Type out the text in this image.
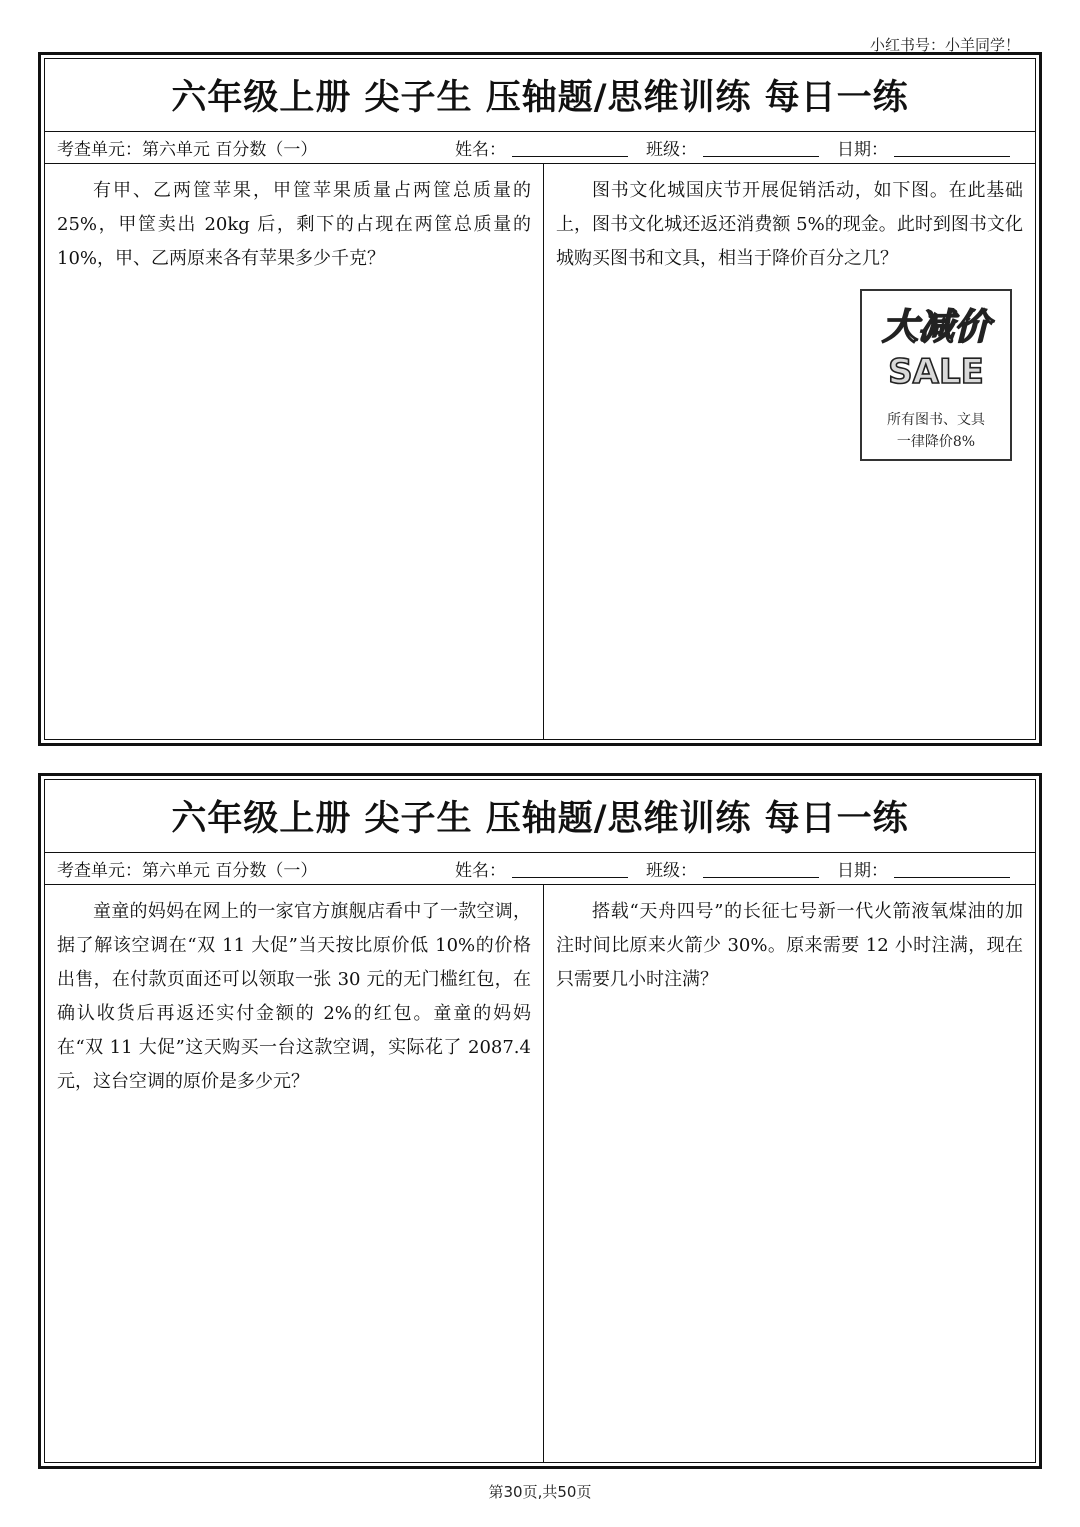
小红书号：小羊同学！
六年级上册 尖子生 压轴题/思维训练 每日一练
考查单元：第六单元 百分数（一）	姓名：	班级：	日期：

有甲、乙两筐苹果，甲筐苹果质量占两筐总质量的 25%，甲筐卖出 20kg 后，剩下的占现在两筐总质量的 10%，甲、乙两原来各有苹果多少千克？

图书文化城国庆节开展促销活动，如下图。在此基础上，图书文化城还返还消费额 5%的现金。此时到图书文化城购买图书和文具，相当于降价百分之几？

大减价
SALE
所有图书、文具
一律降价8%
六年级上册 尖子生 压轴题/思维训练 每日一练
考查单元：第六单元 百分数（一）	姓名：	班级：	日期：

童童的妈妈在网上的一家官方旗舰店看中了一款空调，据了解该空调在“双 11 大促”当天按比原价低 10%的价格出售，在付款页面还可以领取一张 30 元的无门槛红包，在确认收货后再返还实付金额的 2%的红包。童童的妈妈在“双 11 大促”这天购买一台这款空调，实际花了 2087.4 元，这台空调的原价是多少元？

搭载“天舟四号”的长征七号新一代火箭液氧煤油的加注时间比原来火箭少 30%。原来需要 12 小时注满，现在只需要几小时注满？

第30页,共50页
